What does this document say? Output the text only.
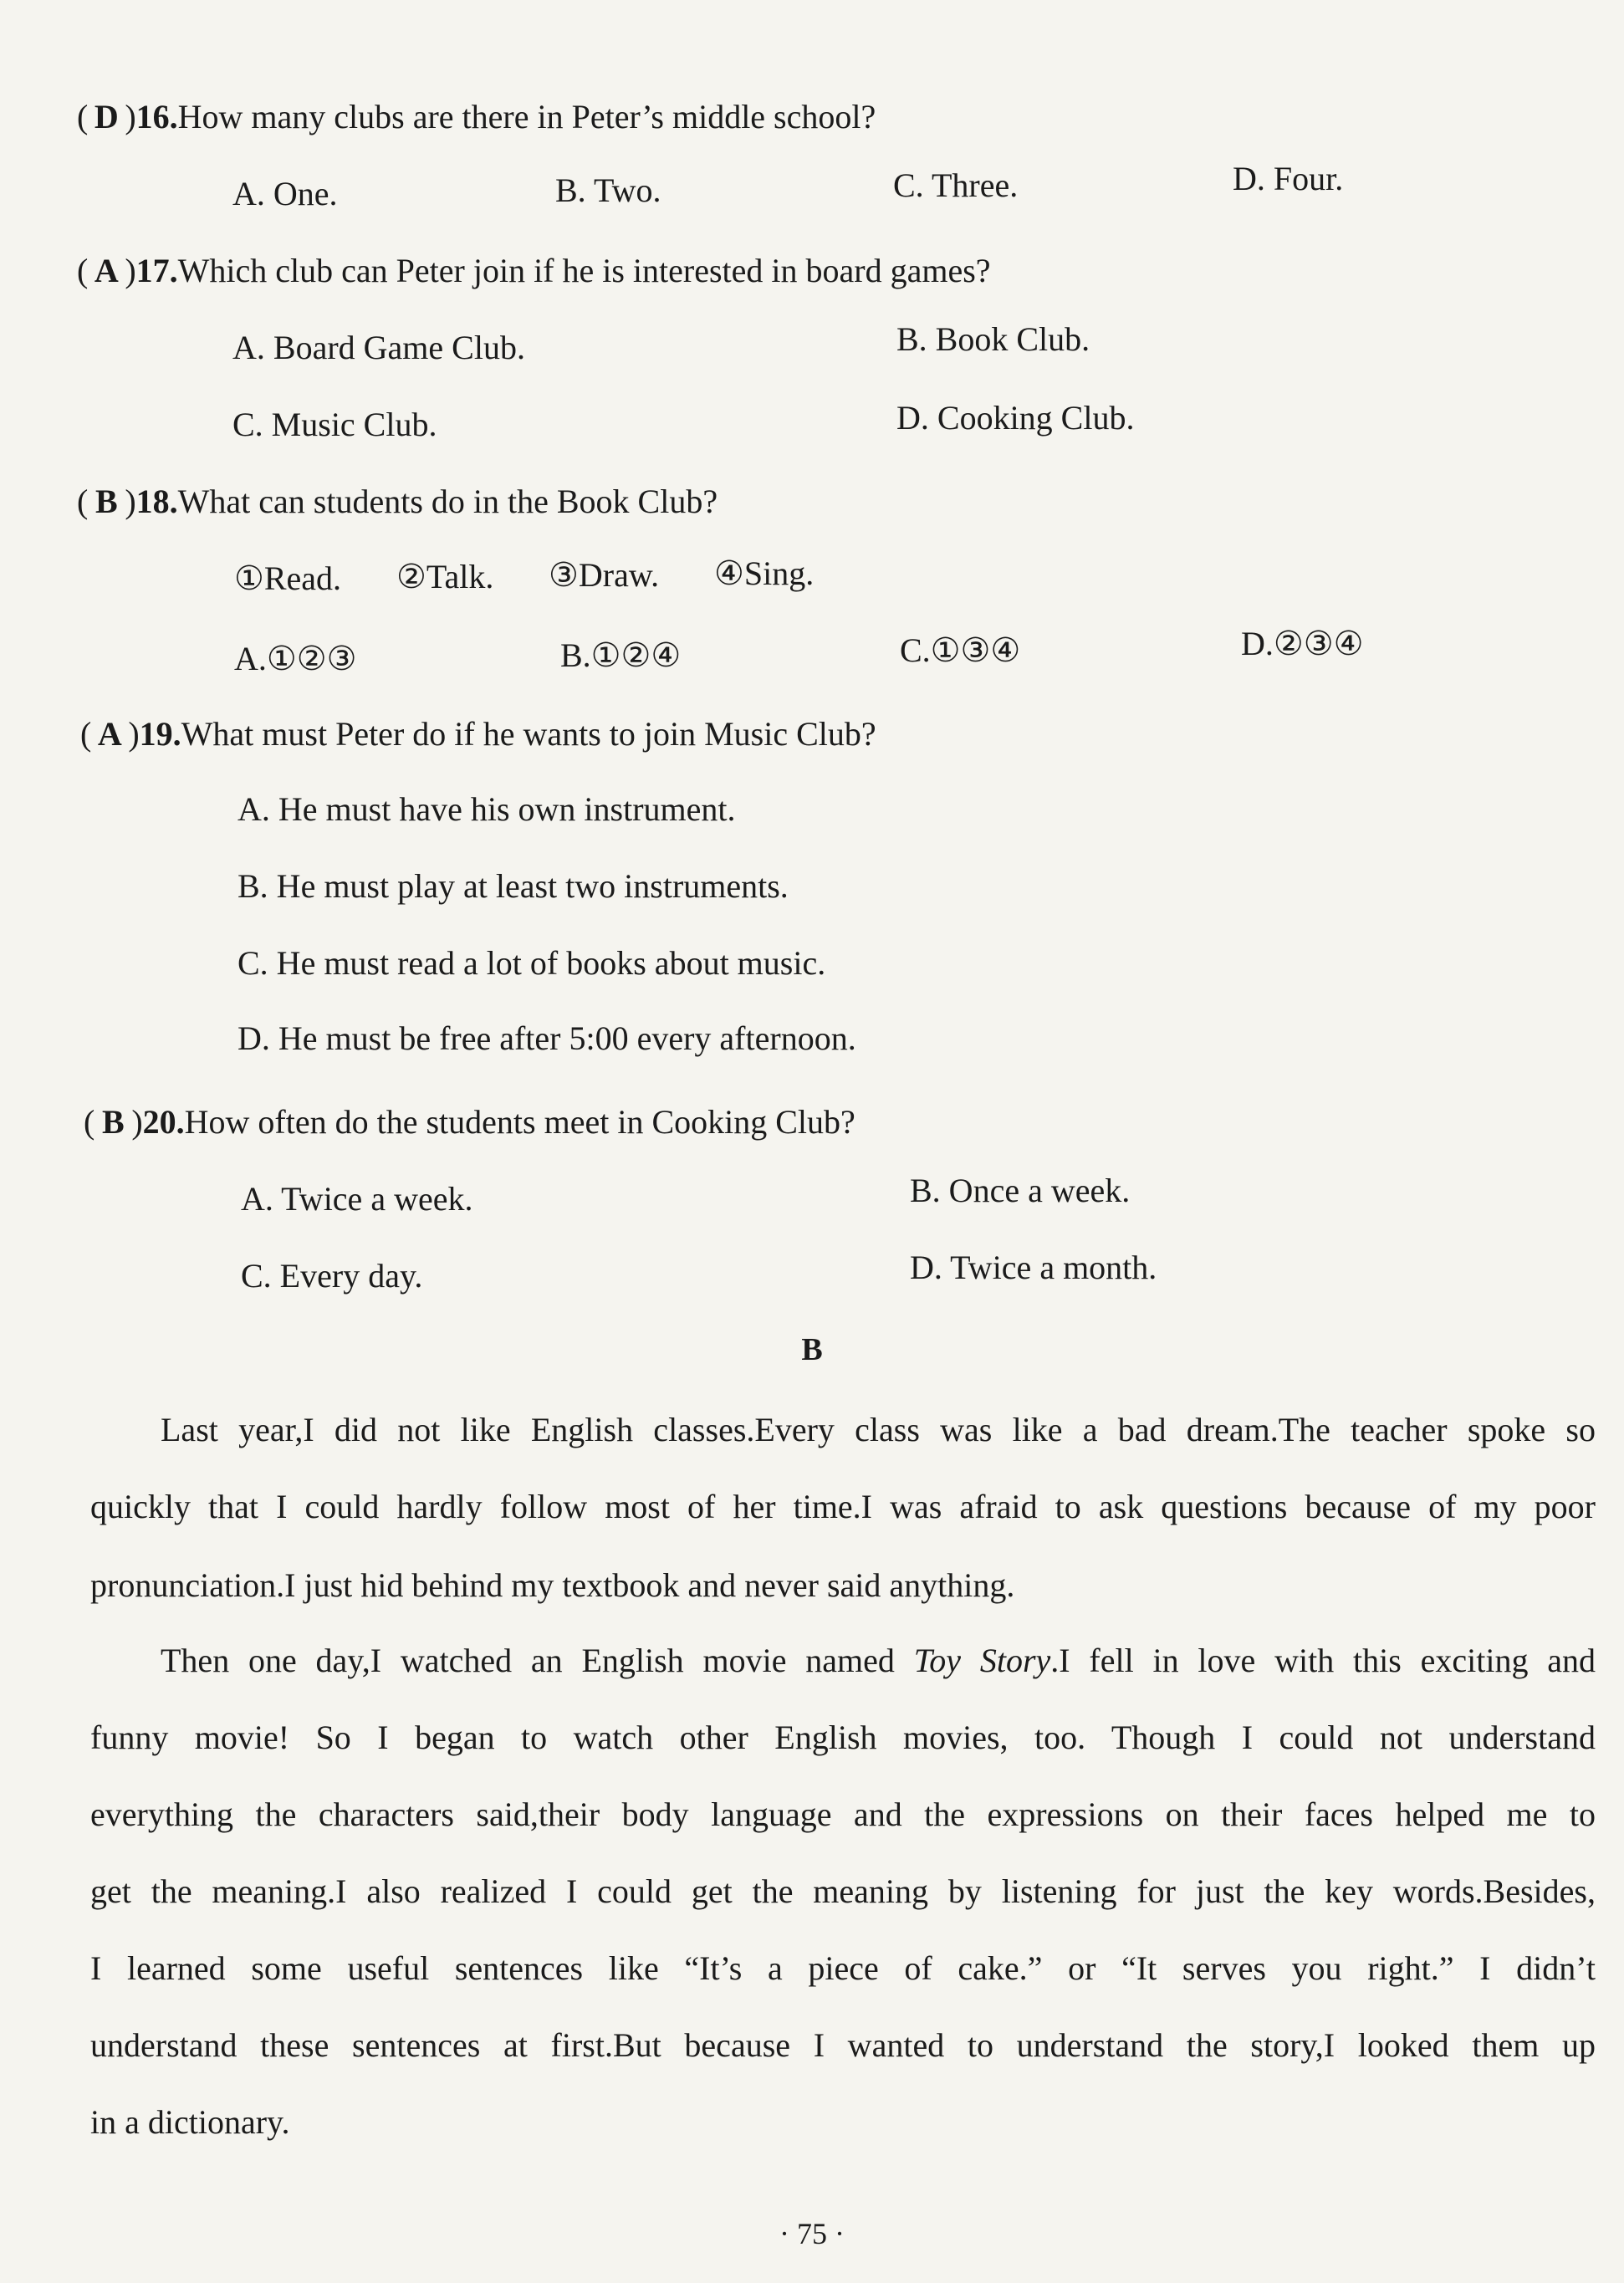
( D )16.How many clubs are there in Peter’s middle school?
A. One.	B. Two.	C. Three.	D. Four.
( A )17.Which club can Peter join if he is interested in board games?
A. Board Game Club.	B. Book Club.
C. Music Club.	D. Cooking Club.
( B )18.What can students do in the Book Club?
①Read. ②Talk. ③Draw. ④Sing.
A.①②③	B.①②④	C.①③④	D.②③④
( A )19.What must Peter do if he wants to join Music Club?
A. He must have his own instrument.
B. He must play at least two instruments.
C. He must read a lot of books about music.
D. He must be free after 5:00 every afternoon.
( B )20.How often do the students meet in Cooking Club?
A. Twice a week.	B. Once a week.
C. Every day.	D. Twice a month.
B
Last year,I did not like English classes.Every class was like a bad dream.The teacher spoke so
quickly that I could hardly follow most of her time.I was afraid to ask questions because of my poor
pronunciation.I just hid behind my textbook and never said anything.
Then one day,I watched an English movie named Toy Story.I fell in love with this exciting and
funny movie! So I began to watch other English movies, too. Though I could not understand
everything the characters said,their body language and the expressions on their faces helped me to
get the meaning.I also realized I could get the meaning by listening for just the key words.Besides,
I learned some useful sentences like “It’s a piece of cake.” or “It serves you right.” I didn’t
understand these sentences at first.But because I wanted to understand the story,I looked them up
in a dictionary.
· 75 ·
